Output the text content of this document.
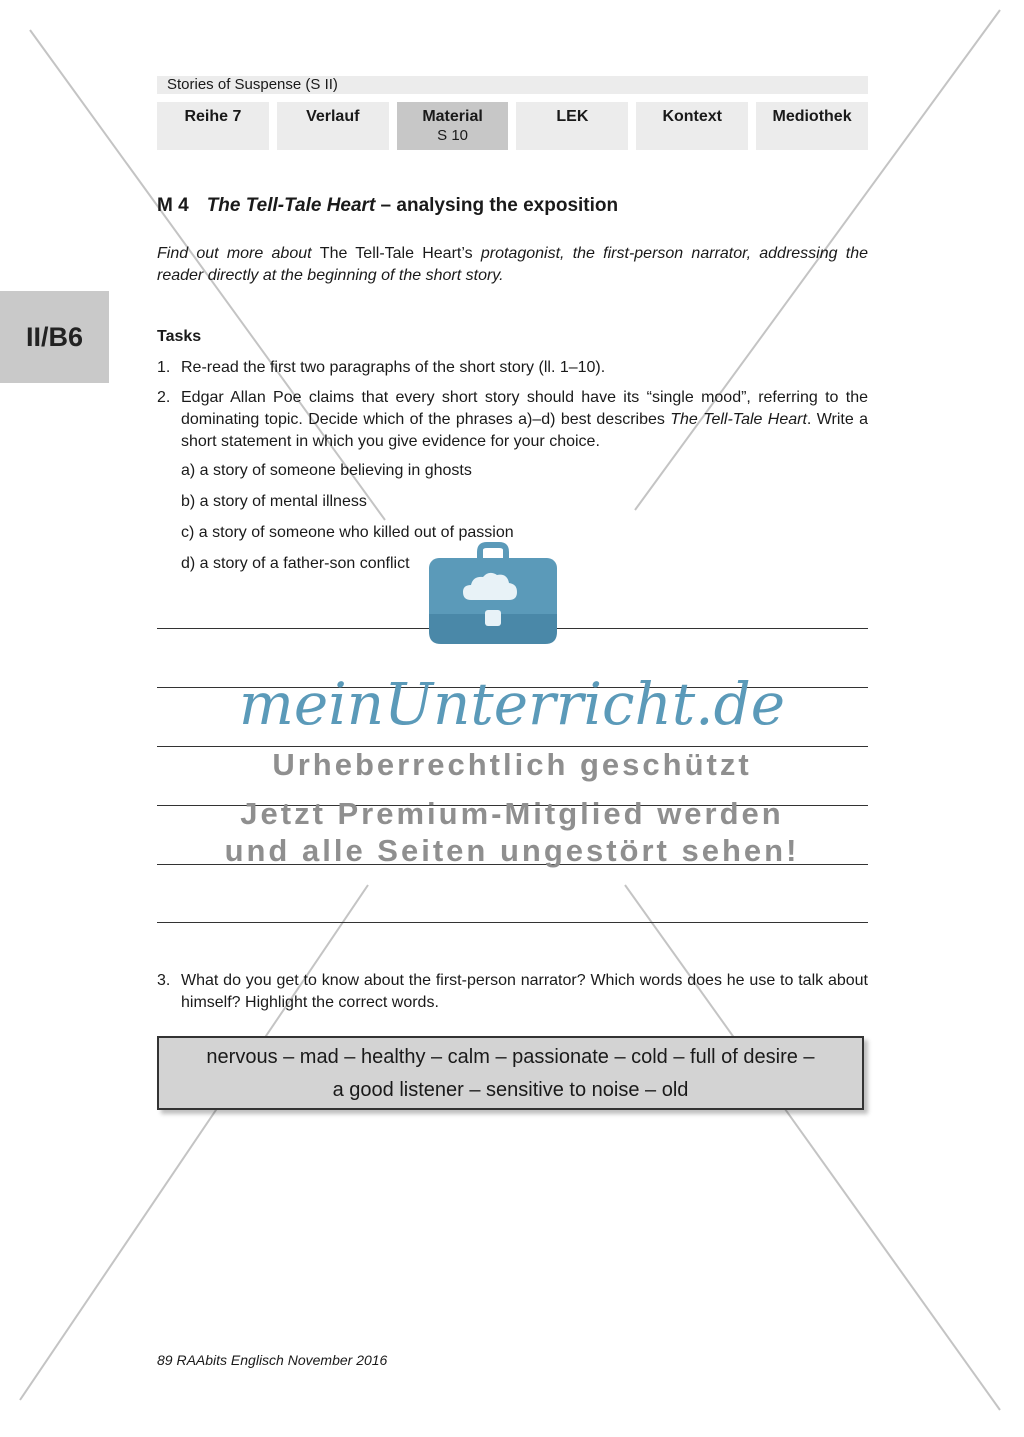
Stories of Suspense (S II)
Reihe 7	Verlauf	Material
S 10
LEK	Kontext	Mediothek
II/B6
M 4 The Tell-Tale Heart – analysing the exposition
Find out more about The Tell-Tale Heart’s protagonist, the first-person narrator, addressing the reader directly at the beginning of the short story.
Tasks
1. Re-read the first two paragraphs of the short story (ll. 1–10).
2. Edgar Allan Poe claims that every short story should have its “single mood”, referring to the dominating topic. Decide which of the phrases a)–d) best describes The Tell-Tale Heart. Write a short statement in which you give evidence for your choice.
a) a story of someone believing in ghosts
b) a story of mental illness
c) a story of someone who killed out of passion
d) a story of a father-son conflict
meinUnterricht.de
Urheberrechtlich geschützt
Jetzt Premium-Mitglied werden
und alle Seiten ungestört sehen!
3. What do you get to know about the first-person narrator? Which words does he use to talk about himself? Highlight the correct words.
nervous – mad – healthy – calm – passionate – cold – full of desire –
a good listener – sensitive to noise – old
89 RAAbits Englisch November 2016
